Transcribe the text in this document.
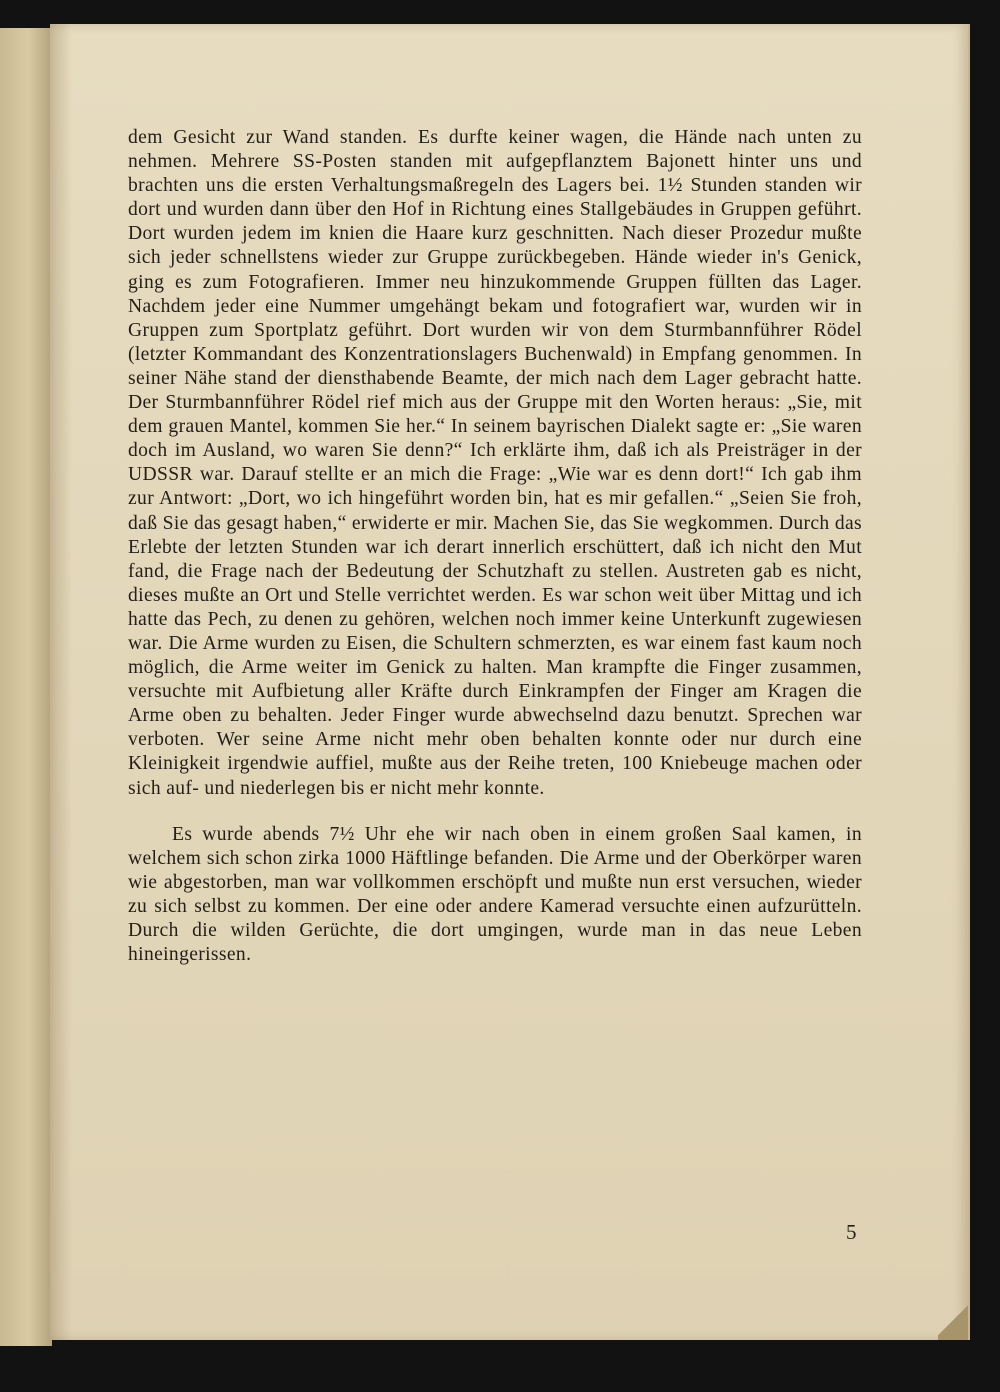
dem Gesicht zur Wand standen. Es durfte keiner wagen, die Hände nach unten zu nehmen. Mehrere SS-Posten standen mit aufgepflanztem Bajonett hinter uns und brachten uns die ersten Verhaltungsmaßregeln des Lagers bei. 1½ Stunden standen wir dort und wurden dann über den Hof in Richtung eines Stallgebäudes in Gruppen geführt. Dort wurden jedem im knien die Haare kurz geschnitten. Nach dieser Prozedur mußte sich jeder schnellstens wieder zur Gruppe zurückbegeben. Hände wieder in's Genick, ging es zum Fotografieren. Immer neu hinzukommende Gruppen füllten das Lager. Nachdem jeder eine Nummer umgehängt bekam und fotografiert war, wurden wir in Gruppen zum Sportplatz geführt. Dort wurden wir von dem Sturmbannführer Rödel (letzter Kommandant des Konzentrationslagers Buchenwald) in Empfang genommen. In seiner Nähe stand der diensthabende Beamte, der mich nach dem Lager gebracht hatte. Der Sturmbannführer Rödel rief mich aus der Gruppe mit den Worten heraus: „Sie, mit dem grauen Mantel, kommen Sie her.“ In seinem bayrischen Dialekt sagte er: „Sie waren doch im Ausland, wo waren Sie denn?“ Ich erklärte ihm, daß ich als Preisträger in der UDSSR war. Darauf stellte er an mich die Frage: „Wie war es denn dort!“ Ich gab ihm zur Antwort: „Dort, wo ich hingeführt worden bin, hat es mir gefallen.“ „Seien Sie froh, daß Sie das gesagt haben,“ erwiderte er mir. Machen Sie, das Sie wegkommen. Durch das Erlebte der letzten Stunden war ich derart innerlich erschüttert, daß ich nicht den Mut fand, die Frage nach der Bedeutung der Schutzhaft zu stellen. Austreten gab es nicht, dieses mußte an Ort und Stelle verrichtet werden. Es war schon weit über Mittag und ich hatte das Pech, zu denen zu gehören, welchen noch immer keine Unterkunft zugewiesen war. Die Arme wurden zu Eisen, die Schultern schmerzten, es war einem fast kaum noch möglich, die Arme weiter im Genick zu halten. Man krampfte die Finger zusammen, versuchte mit Aufbietung aller Kräfte durch Einkrampfen der Finger am Kragen die Arme oben zu behalten. Jeder Finger wurde abwechselnd dazu benutzt. Sprechen war verboten. Wer seine Arme nicht mehr oben behalten konnte oder nur durch eine Kleinigkeit irgendwie auffiel, mußte aus der Reihe treten, 100 Kniebeuge machen oder sich auf- und niederlegen bis er nicht mehr konnte.

Es wurde abends 7½ Uhr ehe wir nach oben in einem großen Saal kamen, in welchem sich schon zirka 1000 Häftlinge befanden. Die Arme und der Oberkörper waren wie abgestorben, man war vollkommen erschöpft und mußte nun erst versuchen, wieder zu sich selbst zu kommen. Der eine oder andere Kamerad versuchte einen aufzurütteln. Durch die wilden Gerüchte, die dort umgingen, wurde man in das neue Leben hineingerissen.

5
